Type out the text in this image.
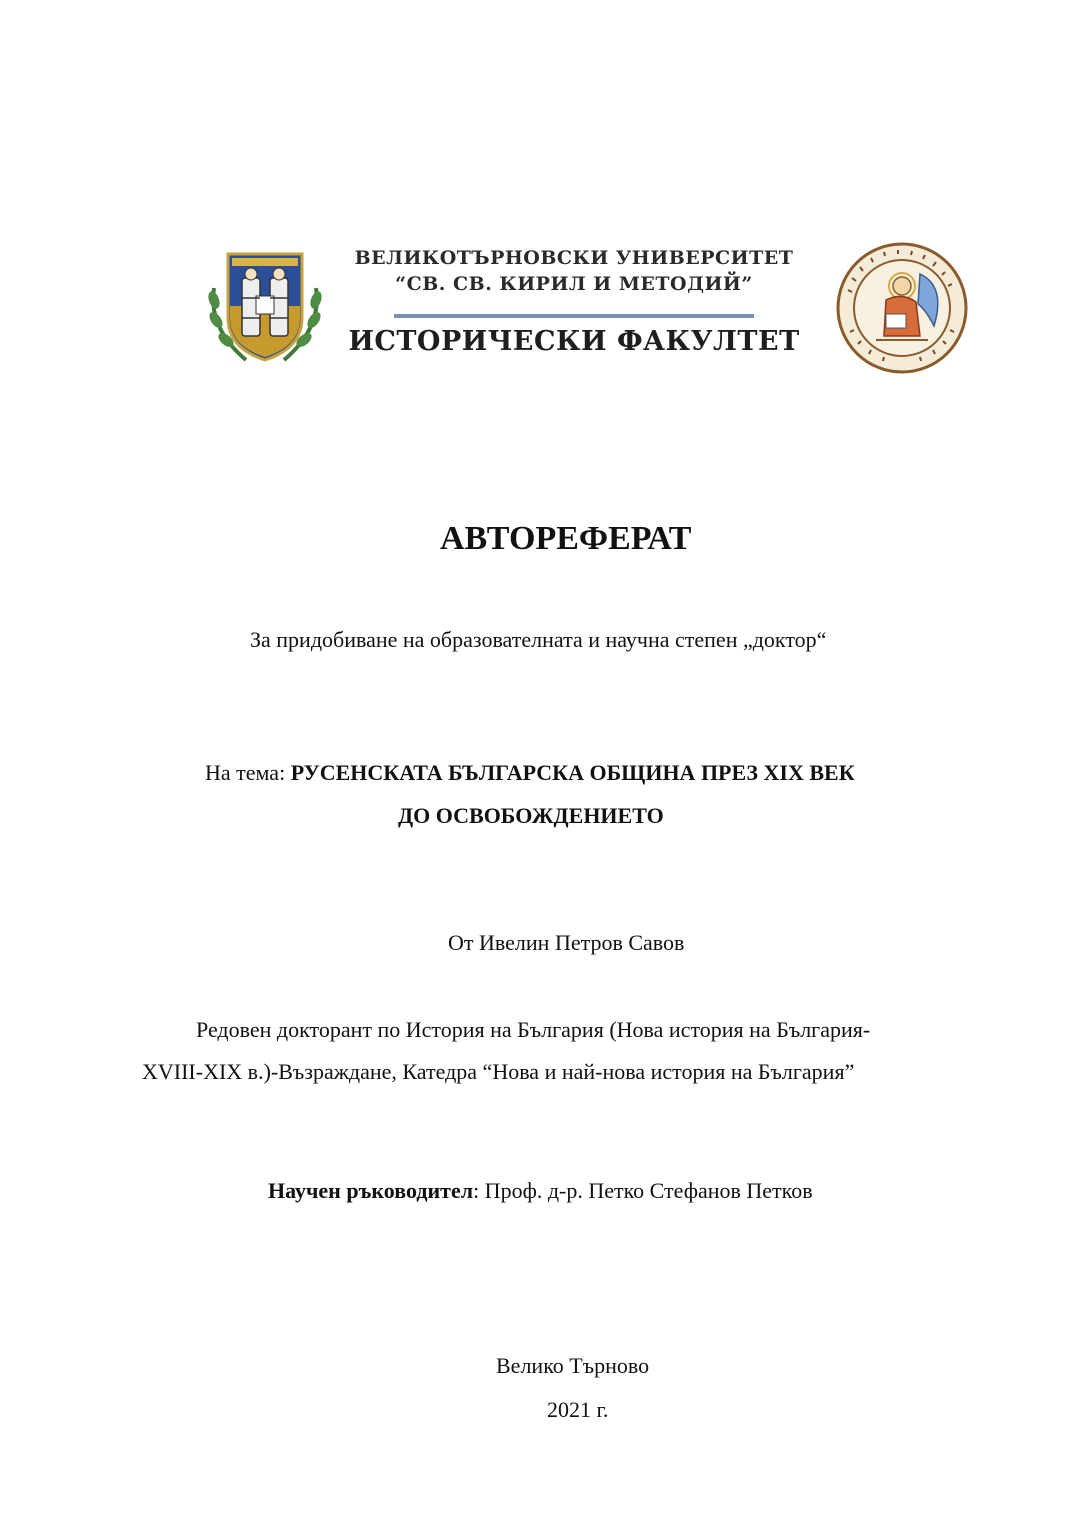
ВЕЛИКОТЪРНОВСКИ УНИВЕРСИТЕТ
“СВ. СВ. КИРИЛ И МЕТОДИЙ”
ИСТОРИЧЕСКИ ФАКУЛТЕТ
АВТОРЕФЕРАТ
За придобиване на образователната и научна степен „доктор“
На тема: РУСЕНСКАТА БЪЛГАРСКА ОБЩИНА ПРЕЗ XIX ВЕК
ДО ОСВОБОЖДЕНИЕТО
От Ивелин Петров Савов
Редовен докторант по История на България (Нова история на България-
XVIII-XIX в.)-Възраждане, Катедра “Нова и най-нова история на България”
Научен ръководител: Проф. д-р. Петко Стефанов Петков
Велико Търново
2021 г.
